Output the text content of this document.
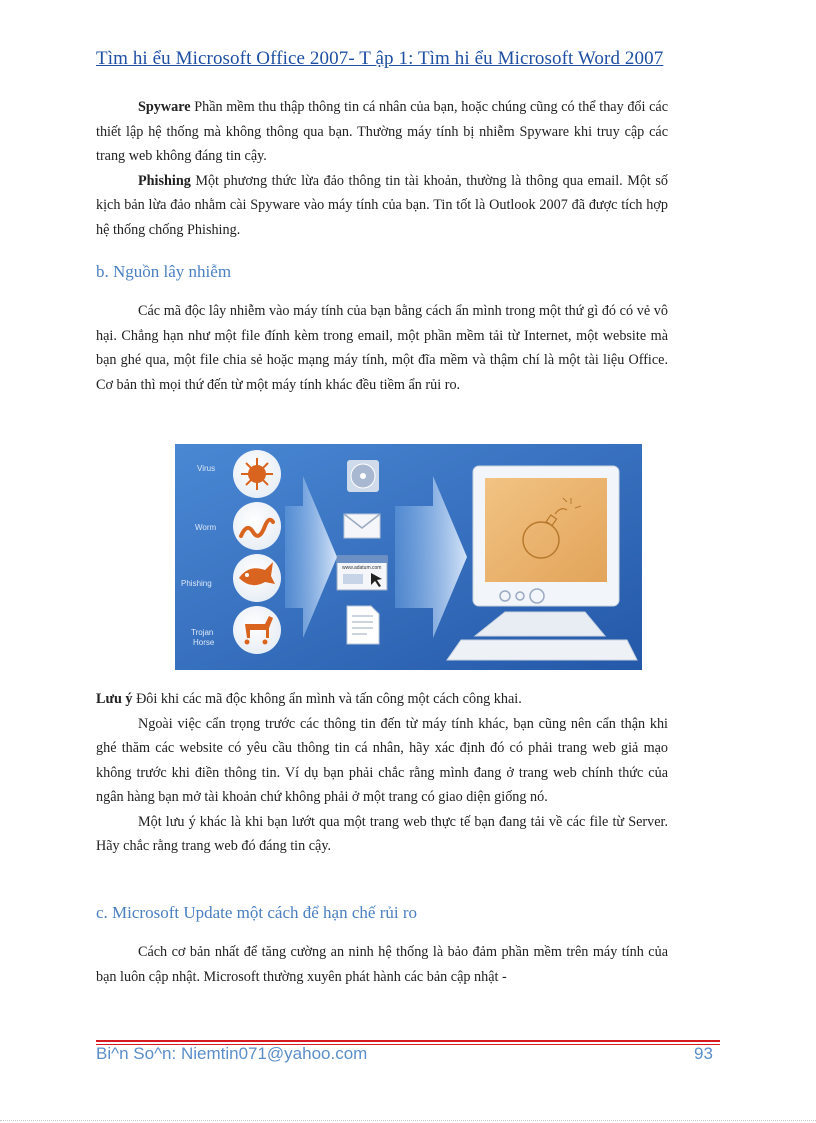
Tìm hi ểu Microsoft Office 2007- T ập 1: Tìm hi ểu Microsoft Word 2007

Spyware Phần mềm thu thập thông tin cá nhân của bạn, hoặc chúng cũng có thể thay đổi các thiết lập hệ thống mà không thông qua bạn. Thường máy tính bị nhiễm Spyware khi truy cập các trang web không đáng tin cậy.

Phishing Một phương thức lừa đảo thông tin tài khoản, thường là thông qua email. Một số kịch bản lừa đảo nhằm cài Spyware vào máy tính của bạn. Tin tốt là Outlook 2007 đã được tích hợp hệ thống chống Phishing.

b. Nguồn lây nhiễm

Các mã độc lây nhiễm vào máy tính của bạn bằng cách ẩn mình trong một thứ gì đó có vẻ vô hại. Chẳng hạn như một file đính kèm trong email, một phần mềm tải từ Internet, một website mà bạn ghé qua, một file chia sẻ hoặc mạng máy tính, một đĩa mềm và thậm chí là một tài liệu Office. Cơ bản thì mọi thứ đến từ một máy tính khác đều tiềm ẩn rủi ro.

Virus
Worm
Phishing
Trojan
Horse
www.adatum.com

Lưu ý Đôi khi các mã độc không ẩn mình và tấn công một cách công khai.

Ngoài việc cẩn trọng trước các thông tin đến từ máy tính khác, bạn cũng nên cẩn thận khi ghé thăm các website có yêu cầu thông tin cá nhân, hãy xác định đó có phải trang web giả mạo không trước khi điền thông tin. Ví dụ bạn phải chắc rằng mình đang ở trang web chính thức của ngân hàng bạn mở tài khoản chứ không phải ở một trang có giao diện giống nó.

Một lưu ý khác là khi bạn lướt qua một trang web thực tế bạn đang tải về các file từ Server. Hãy chắc rằng trang web đó đáng tin cậy.

c. Microsoft Update một cách để hạn chế rủi ro

Cách cơ bản nhất để tăng cường an ninh hệ thống là bảo đảm phần mềm trên máy tính của bạn luôn cập nhật. Microsoft thường xuyên phát hành các bản cập nhật -

Bi^n So^n: Niemtin071@yahoo.com	93
